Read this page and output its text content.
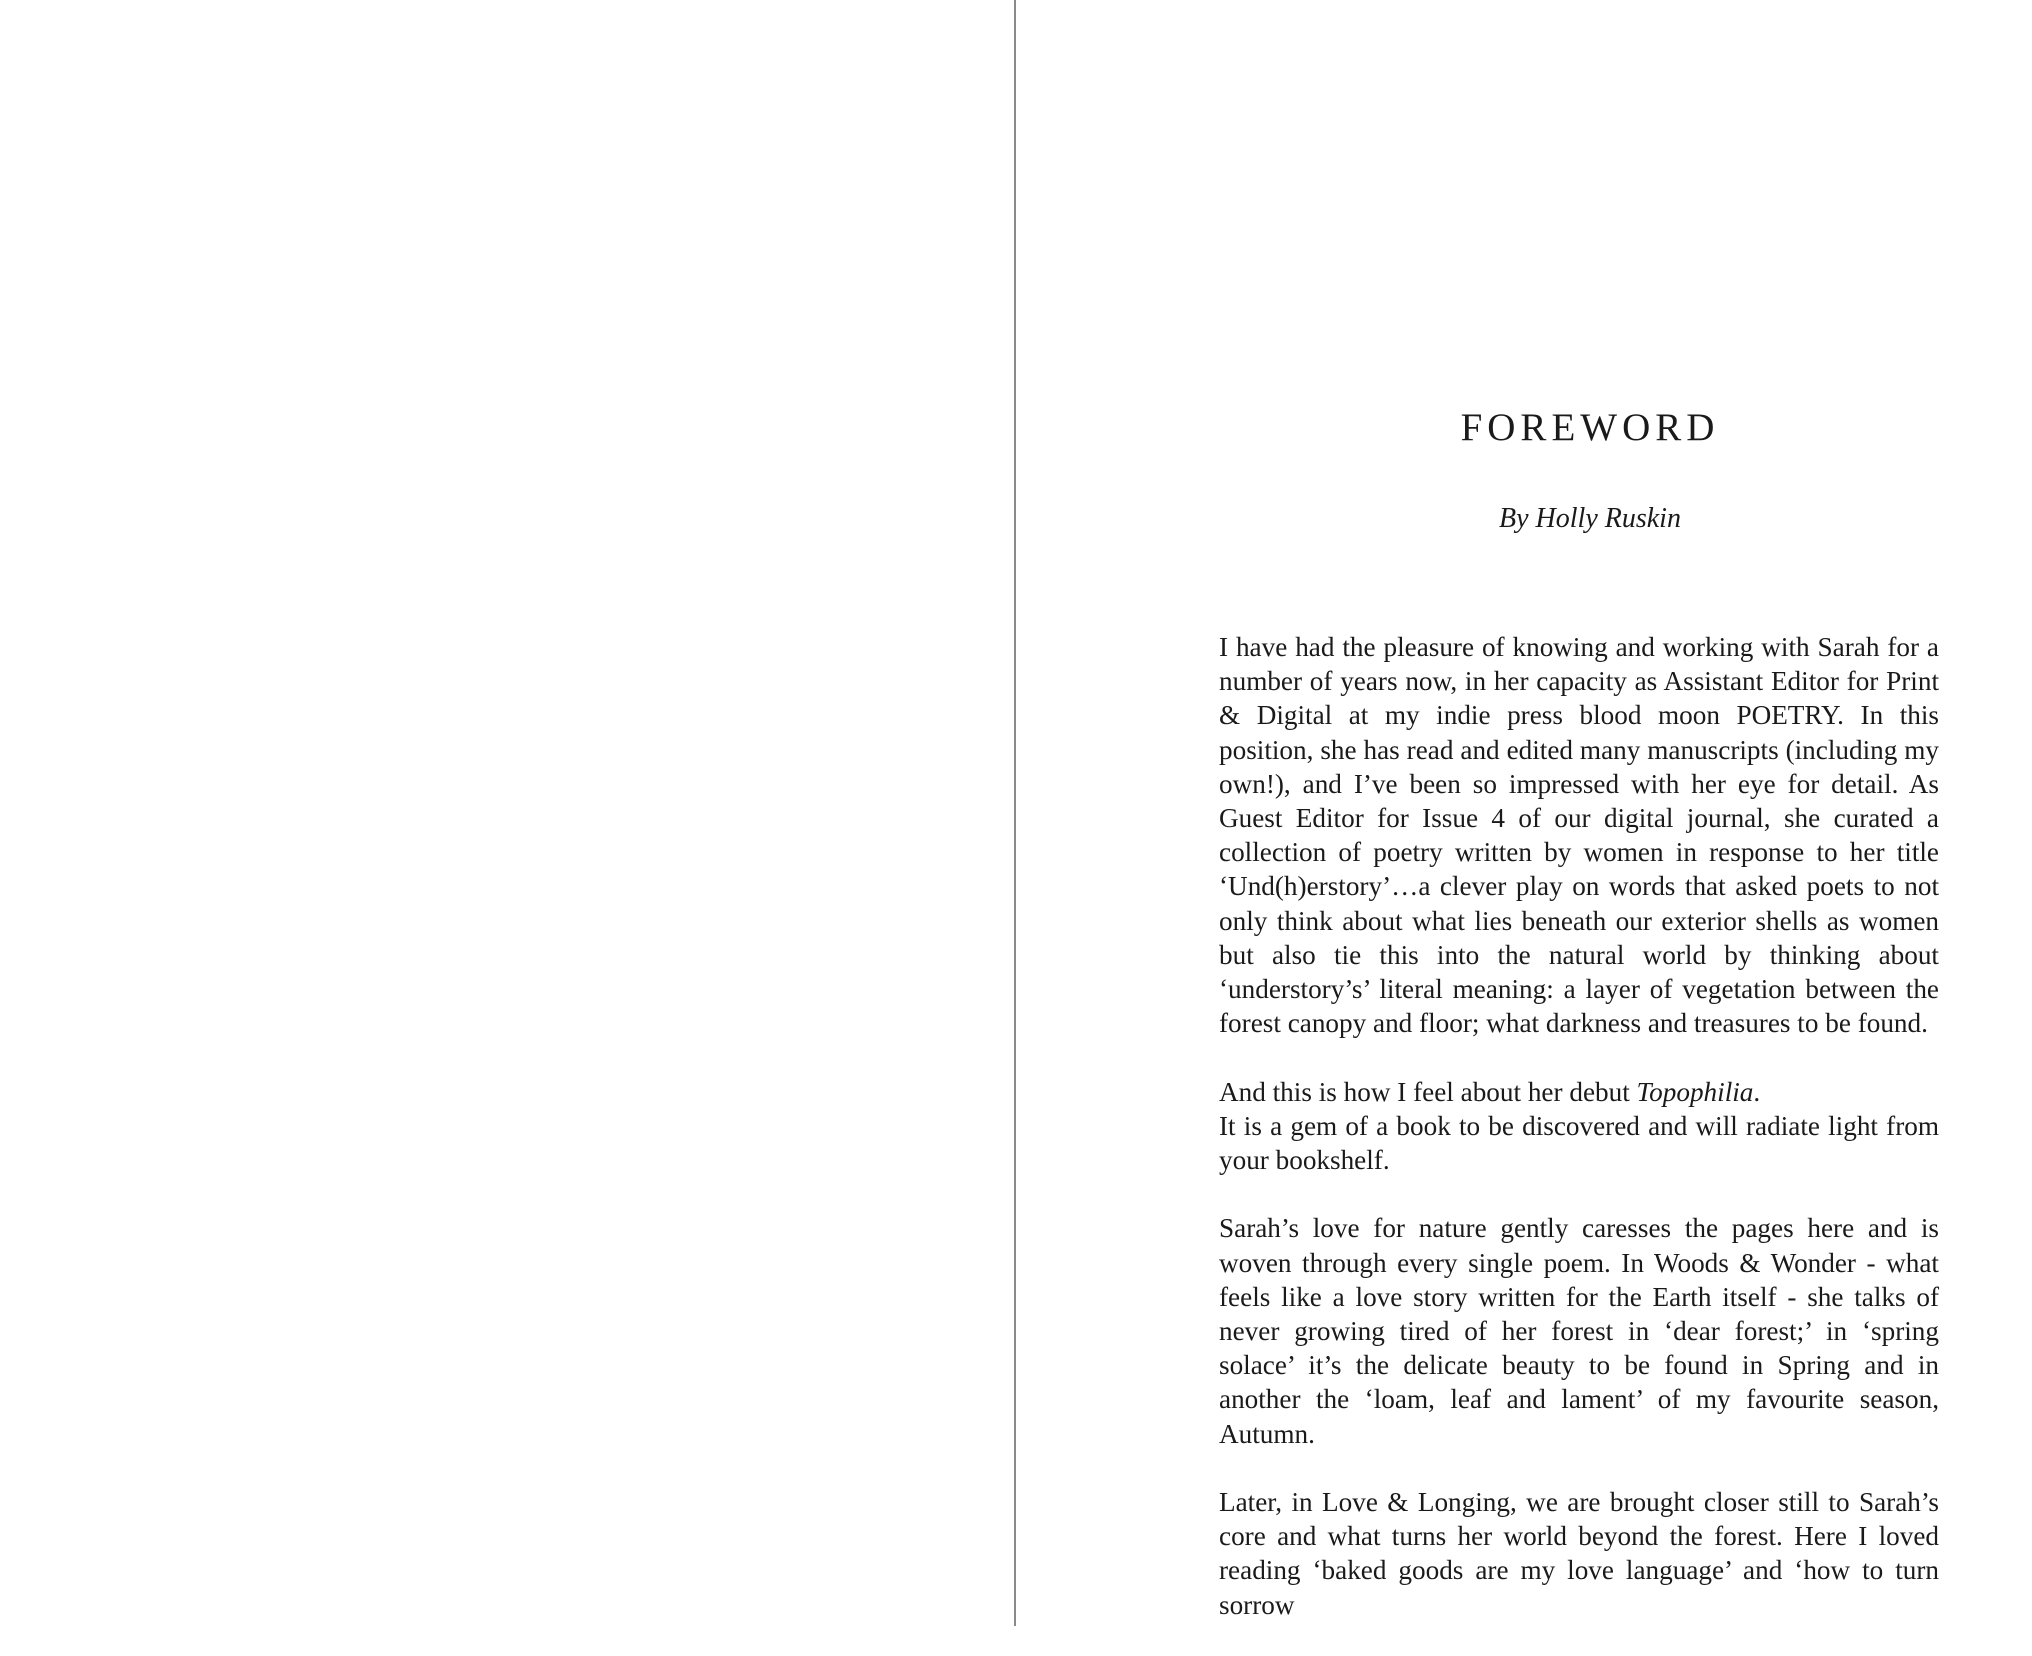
FOREWORD

By Holly Ruskin

I have had the pleasure of knowing and working with Sarah for a number of years now, in her capacity as Assistant Editor for Print & Digital at my indie press blood moon POETRY. In this position, she has read and edited many manuscripts (including my own!), and I’ve been so impressed with her eye for detail. As Guest Editor for Issue 4 of our digital journal, she curated a collection of poetry written by women in response to her title ‘Und(h)erstory’…a clever play on words that asked poets to not only think about what lies beneath our exterior shells as women but also tie this into the natural world by thinking about ‘understory’s’ literal meaning: a layer of vegetation between the forest canopy and floor; what darkness and treasures to be found.

And this is how I feel about her debut Topophilia.

It is a gem of a book to be discovered and will radiate light from your bookshelf.

Sarah’s love for nature gently caresses the pages here and is woven through every single poem. In Woods & Wonder - what feels like a love story written for the Earth itself - she talks of never growing tired of her forest in ‘dear forest;’ in ‘spring solace’ it’s the delicate beauty to be found in Spring and in another the ‘loam, leaf and lament’ of my favourite season, Autumn.

Later, in Love & Longing, we are brought closer still to Sarah’s core and what turns her world beyond the forest. Here I loved reading ‘baked goods are my love language’ and ‘how to turn sorrow
